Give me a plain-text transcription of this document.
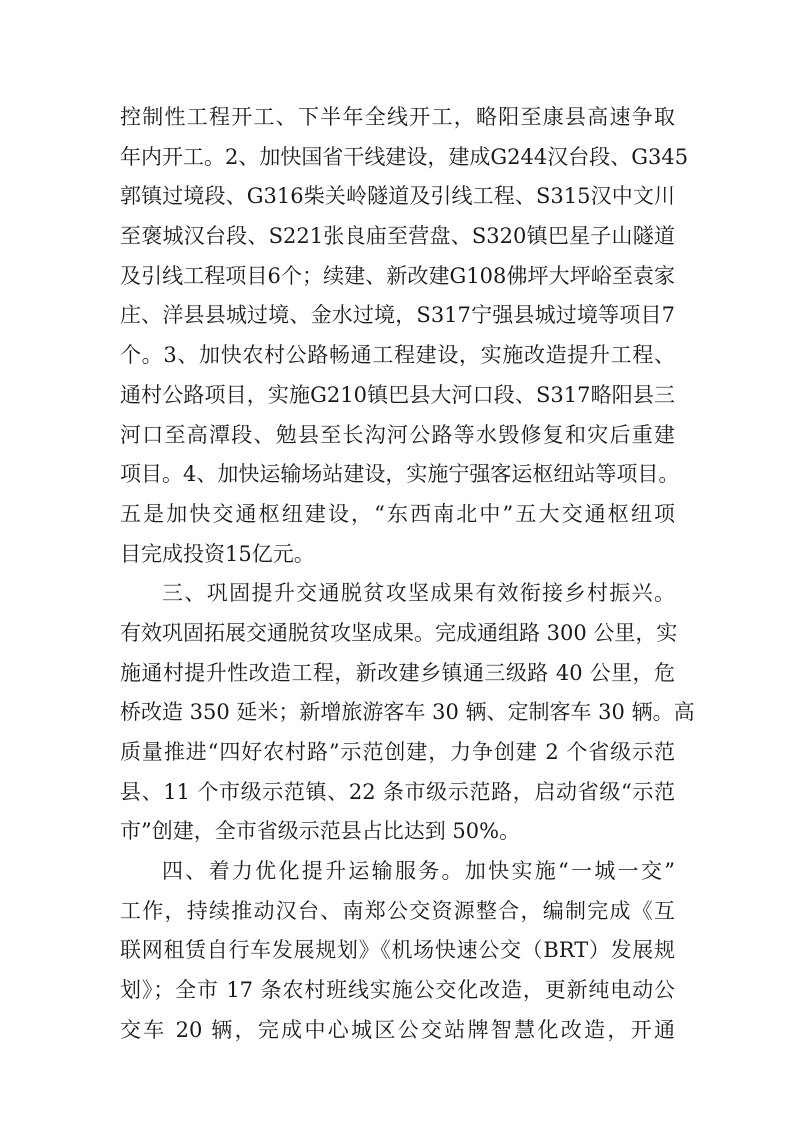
控制性工程开工、下半年全线开工，略阳至康县高速争取
年内开工。2、加快国省干线建设，建成G244汉台段、G345
郭镇过境段、G316柴关岭隧道及引线工程、S315汉中文川
至褒城汉台段、S221张良庙至营盘、S320镇巴星子山隧道
及引线工程项目6个；续建、新改建G108佛坪大坪峪至袁家
庄、洋县县城过境、金水过境，S317宁强县城过境等项目7
个。3、加快农村公路畅通工程建设，实施改造提升工程、
通村公路项目，实施G210镇巴县大河口段、S317略阳县三
河口至高潭段、勉县至长沟河公路等水毁修复和灾后重建
项目。4、加快运输场站建设，实施宁强客运枢纽站等项目。
五是加快交通枢纽建设，“东西南北中”五大交通枢纽项
目完成投资15亿元。
三、巩固提升交通脱贫攻坚成果有效衔接乡村振兴。
有效巩固拓展交通脱贫攻坚成果。完成通组路 300 公里，实
施通村提升性改造工程，新改建乡镇通三级路 40 公里，危
桥改造 350 延米；新增旅游客车 30 辆、定制客车 30 辆。高
质量推进“四好农村路”示范创建，力争创建 2 个省级示范
县、11 个市级示范镇、22 条市级示范路，启动省级“示范
市”创建，全市省级示范县占比达到 50%。
四、着力优化提升运输服务。加快实施“一城一交”
工作，持续推动汉台、南郑公交资源整合，编制完成《互
联网租赁自行车发展规划》《机场快速公交（BRT）发展规
划》；全市 17 条农村班线实施公交化改造，更新纯电动公
交车 20 辆，完成中心城区公交站牌智慧化改造，开通
